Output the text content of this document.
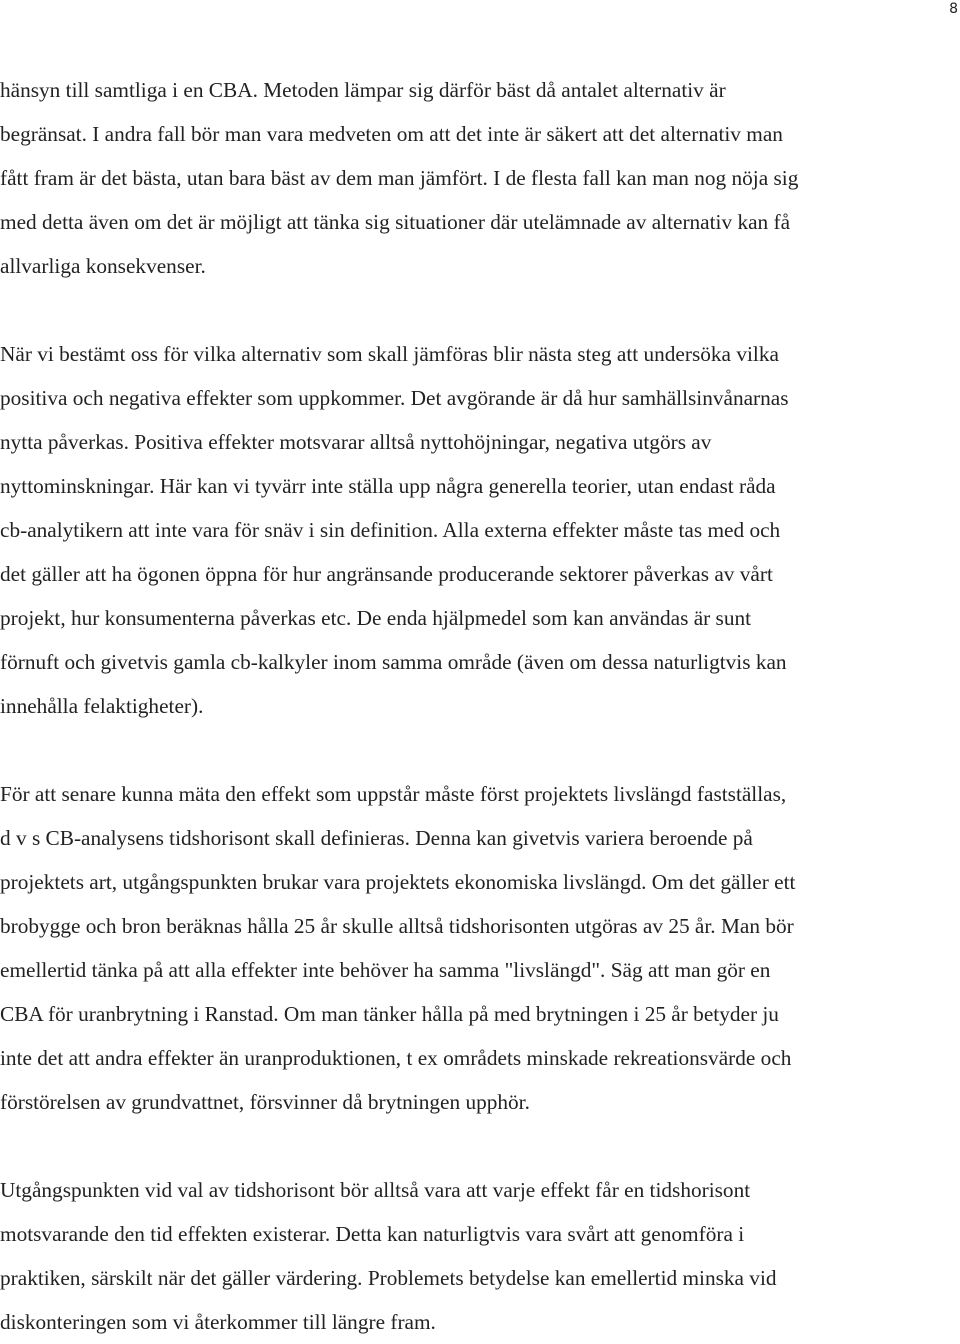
8

hänsyn till samtliga i en CBA. Metoden lämpar sig därför bäst då antalet alternativ är
begränsat. I andra fall bör man vara medveten om att det inte är säkert att det alternativ man
fått fram är det bästa, utan bara bäst av dem man jämfört. I de flesta fall kan man nog nöja sig
med detta även om det är möjligt att tänka sig situationer där utelämnade av alternativ kan få
allvarliga konsekvenser.

När vi bestämt oss för vilka alternativ som skall jämföras blir nästa steg att undersöka vilka
positiva och negativa effekter som uppkommer. Det avgörande är då hur samhällsinvånarnas
nytta påverkas. Positiva effekter motsvarar alltså nyttohöjningar, negativa utgörs av
nyttominskningar. Här kan vi tyvärr inte ställa upp några generella teorier, utan endast råda
cb-analytikern att inte vara för snäv i sin definition. Alla externa effekter måste tas med och
det gäller att ha ögonen öppna för hur angränsande producerande sektorer påverkas av vårt
projekt, hur konsumenterna påverkas etc. De enda hjälpmedel som kan användas är sunt
förnuft och givetvis gamla cb-kalkyler inom samma område (även om dessa naturligtvis kan
innehålla felaktigheter).

För att senare kunna mäta den effekt som uppstår måste först projektets livslängd fastställas,
d v s CB-analysens tidshorisont skall definieras. Denna kan givetvis variera beroende på
projektets art, utgångspunkten brukar vara projektets ekonomiska livslängd. Om det gäller ett
brobygge och bron beräknas hålla 25 år skulle alltså tidshorisonten utgöras av 25 år. Man bör
emellertid tänka på att alla effekter inte behöver ha samma "livslängd". Säg att man gör en
CBA för uranbrytning i Ranstad. Om man tänker hålla på med brytningen i 25 år betyder ju
inte det att andra effekter än uranproduktionen, t ex områdets minskade rekreationsvärde och
förstörelsen av grundvattnet, försvinner då brytningen upphör.

Utgångspunkten vid val av tidshorisont bör alltså vara att varje effekt får en tidshorisont
motsvarande den tid effekten existerar. Detta kan naturligtvis vara svårt att genomföra i
praktiken, särskilt när det gäller värdering. Problemets betydelse kan emellertid minska vid
diskonteringen som vi återkommer till längre fram.
